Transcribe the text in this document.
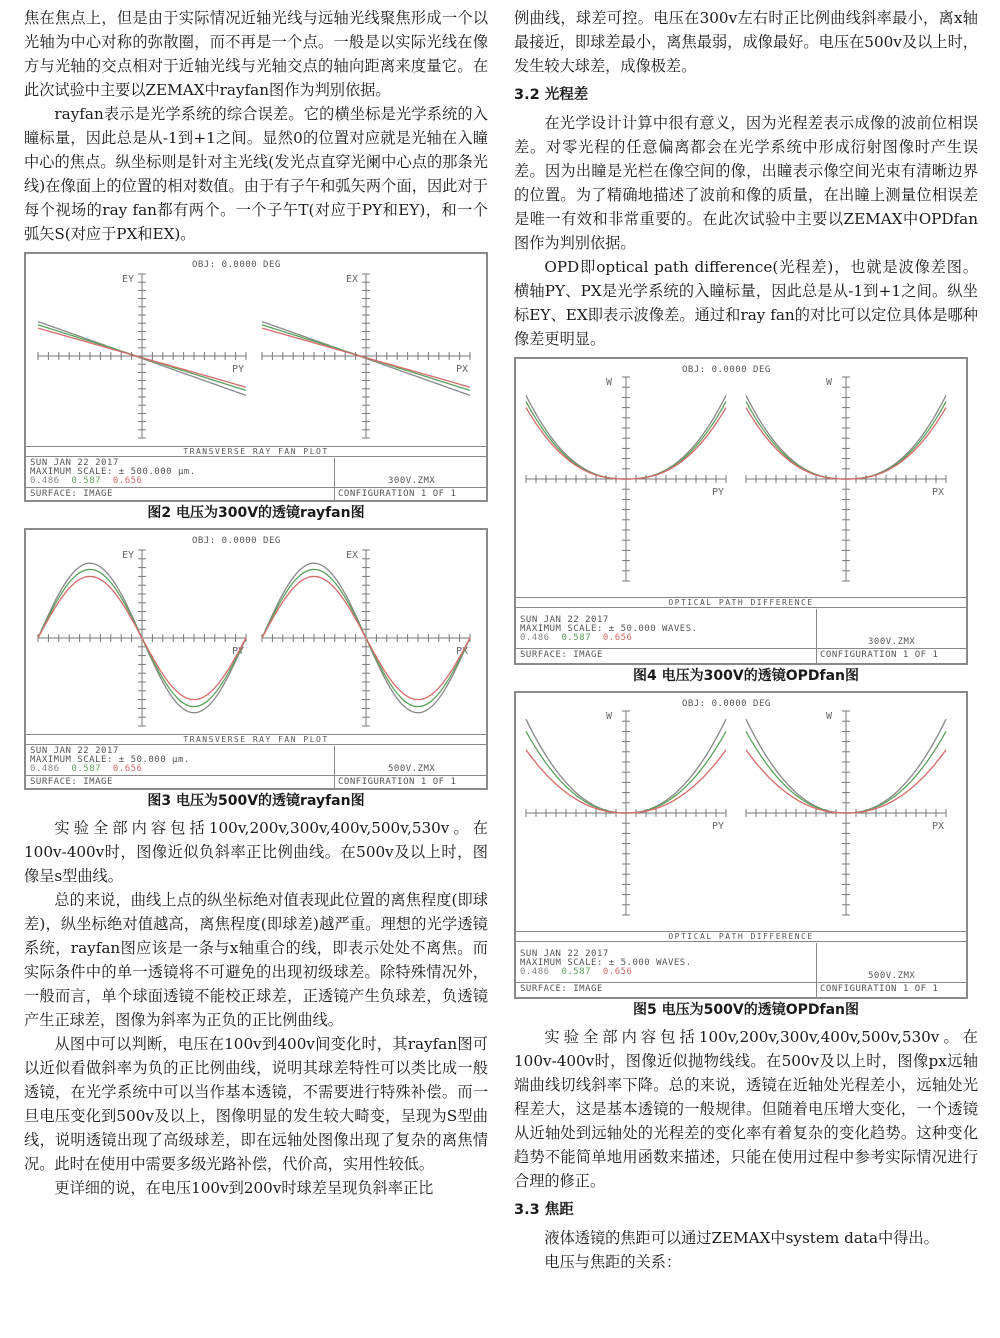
焦在焦点上，但是由于实际情况近轴光线与远轴光线聚焦形成一个以光轴为中心对称的弥散圈，而不再是一个点。一般是以实际光线在像方与光轴的交点相对于近轴光线与光轴交点的轴向距离来度量它。在此次试验中主要以ZEMAX中rayfan图作为判别依据。

rayfan表示是光学系统的综合误差。它的横坐标是光学系统的入瞳标量，因此总是从-1到+1之间。显然0的位置对应就是光轴在入瞳中心的焦点。纵坐标则是针对主光线(发光点直穿光阑中心点的那条光线)在像面上的位置的相对数值。由于有子午和弧矢两个面，因此对于每个视场的ray fan都有两个。一个子午T(对应于PY和EY)，和一个弧矢S(对应于PX和EX)。

EY
PY
EX
PX
OBJ: 0.0000 DEG
TRANSVERSE RAY FAN PLOT
SUN JAN 22 2017
MAXIMUM SCALE: ± 500.000 μm.
0.486 0.587 0.656
SURFACE: IMAGE
300V.ZMX
CONFIGURATION 1 OF 1
图2 电压为300V的透镜rayfan图
EY
PY
EX
PX
OBJ: 0.0000 DEG
TRANSVERSE RAY FAN PLOT
SUN JAN 22 2017
MAXIMUM SCALE: ± 50.000 μm.
0.486 0.587 0.656
SURFACE: IMAGE
500V.ZMX
CONFIGURATION 1 OF 1
图3 电压为500V的透镜rayfan图

实验全部内容包括100v,200v,300v,400v,500v,530v。在100v-400v时，图像近似负斜率正比例曲线。在500v及以上时，图像呈s型曲线。

总的来说，曲线上点的纵坐标绝对值表现此位置的离焦程度(即球差)，纵坐标绝对值越高，离焦程度(即球差)越严重。理想的光学透镜系统，rayfan图应该是一条与x轴重合的线，即表示处处不离焦。而实际条件中的单一透镜将不可避免的出现初级球差。除特殊情况外，一般而言，单个球面透镜不能校正球差，正透镜产生负球差，负透镜产生正球差，图像为斜率为正负的正比例曲线。

从图中可以判断，电压在100v到400v间变化时，其rayfan图可以近似看做斜率为负的正比例曲线，说明其球差特性可以类比成一般透镜，在光学系统中可以当作基本透镜，不需要进行特殊补偿。而一旦电压变化到500v及以上，图像明显的发生较大畸变，呈现为S型曲线，说明透镜出现了高级球差，即在远轴处图像出现了复杂的离焦情况。此时在使用中需要多级光路补偿，代价高，实用性较低。

更详细的说，在电压100v到200v时球差呈现负斜率正比

例曲线，球差可控。电压在300v左右时正比例曲线斜率最小，离x轴最接近，即球差最小，离焦最弱，成像最好。电压在500v及以上时，发生较大球差，成像极差。

3.2 光程差

在光学设计计算中很有意义，因为光程差表示成像的波前位相误差。对零光程的任意偏离都会在光学系统中形成衍射图像时产生误差。因为出瞳是光栏在像空间的像，出瞳表示像空间光束有清晰边界的位置。为了精确地描述了波前和像的质量，在出瞳上测量位相误差是唯一有效和非常重要的。在此次试验中主要以ZEMAX中OPDfan图作为判别依据。

OPD即optical path difference(光程差)，也就是波像差图。横轴PY、PX是光学系统的入瞳标量，因此总是从-1到+1之间。纵坐标EY、EX即表示波像差。通过和ray fan的对比可以定位具体是哪种像差更明显。

W
PY
W
PX
OBJ: 0.0000 DEG
OPTICAL PATH DIFFERENCE
SUN JAN 22 2017
MAXIMUM SCALE: ± 50.000 WAVES.
0.486 0.587 0.656
SURFACE: IMAGE
300V.ZMX
CONFIGURATION 1 OF 1
图4 电压为300V的透镜OPDfan图
W
PY
W
PX
OBJ: 0.0000 DEG
OPTICAL PATH DIFFERENCE
SUN JAN 22 2017
MAXIMUM SCALE: ± 5.000 WAVES.
0.486 0.587 0.656
SURFACE: IMAGE
500V.ZMX
CONFIGURATION 1 OF 1
图5 电压为500V的透镜OPDfan图

实验全部内容包括100v,200v,300v,400v,500v,530v。在100v-400v时，图像近似抛物线线。在500v及以上时，图像px远轴端曲线切线斜率下降。总的来说，透镜在近轴处光程差小，远轴处光程差大，这是基本透镜的一般规律。但随着电压增大变化，一个透镜从近轴处到远轴处的光程差的变化率有着复杂的变化趋势。这种变化趋势不能简单地用函数来描述，只能在使用过程中参考实际情况进行合理的修正。

3.3 焦距

液体透镜的焦距可以通过ZEMAX中system data中得出。

电压与焦距的关系：
